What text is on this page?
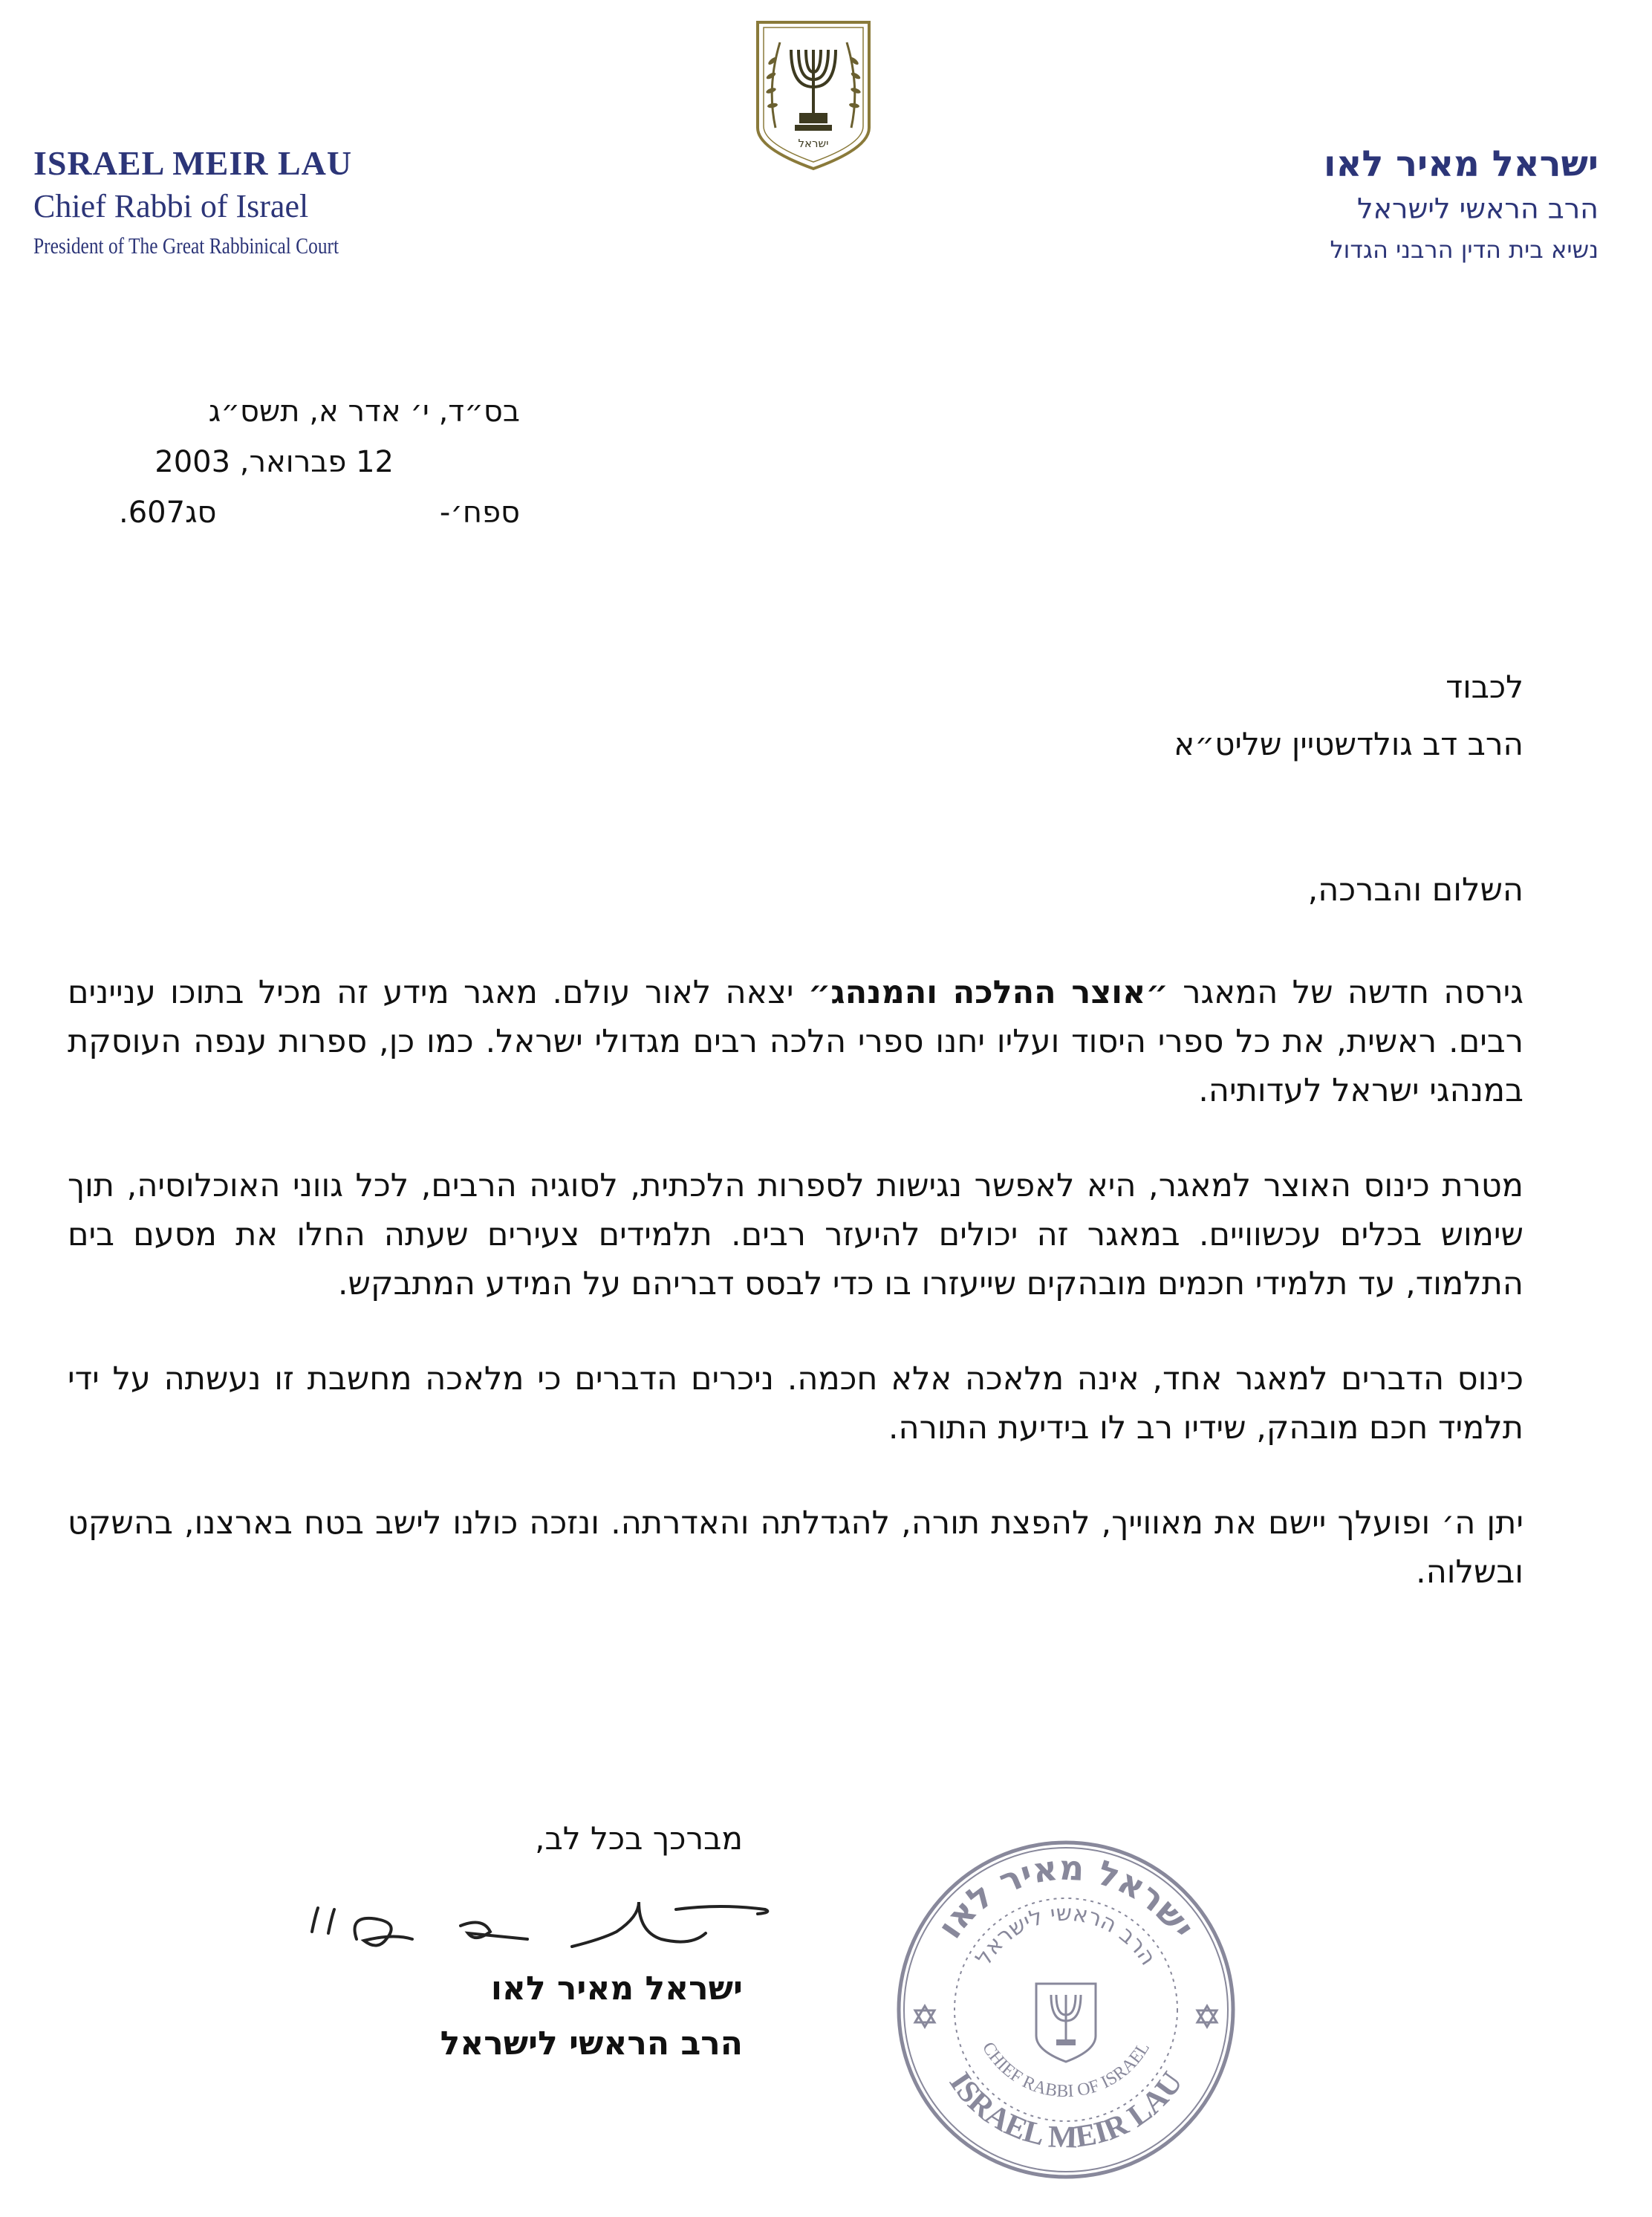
ישראל
ISRAEL MEIR LAU
Chief Rabbi of Israel
President of The Great Rabbinical Court
ישראל מאיר לאו
הרב הראשי לישראל
נשיא בית הדין הרבני הגדול
בס״ד, י׳ אדר א, תשס״ג
12 פברואר, 2003
ספח׳-
.607סג
לכבוד
הרב דב גולדשטיין שליט״א
השלום והברכה,
גירסה חדשה של המאגר ״אוצר ההלכה והמנהג״ יצאה לאור עולם. מאגר מידע זה מכיל בתוכו עניינים רבים. ראשית, את כל ספרי היסוד ועליו יחנו ספרי הלכה רבים מגדולי ישראל. כמו כן, ספרות ענפה העוסקת במנהגי ישראל לעדותיה.
מטרת כינוס האוצר למאגר, היא לאפשר נגישות לספרות הלכתית, לסוגיה הרבים, לכל גווני האוכלוסיה, תוך שימוש בכלים עכשוויים. במאגר זה יכולים להיעזר רבים. תלמידים צעירים שעתה החלו את מסעם בים התלמוד, עד תלמידי חכמים מובהקים שייעזרו בו כדי לבסס דבריהם על המידע המתבקש.
כינוס הדברים למאגר אחד, אינה מלאכה אלא חכמה. ניכרים הדברים כי מלאכה מחשבת זו נעשתה על ידי תלמיד חכם מובהק, שידיו רב לו בידיעת התורה.
יתן ה׳ ופועלך יישם את מאווייך, להפצת תורה, להגדלתה והאדרתה. ונזכה כולנו לישב בטח בארצנו, בהשקט ובשלוה.
מברכך בכל לב,
ישראל מאיר לאו
הרב הראשי לישראל
ישראל מאיר לאו
הרב הראשי לישראל
CHIEF RABBI OF ISRAEL
ISRAEL MEIR LAU
